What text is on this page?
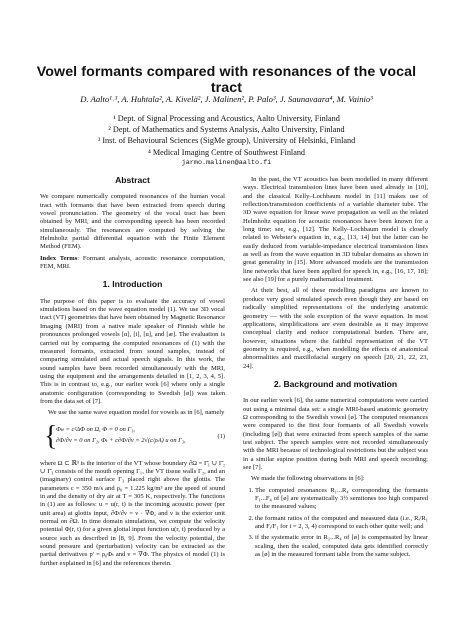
Vowel formants compared with resonances of the vocal tract
D. Aalto¹˒³, A. Huhtala², A. Kivelä², J. Malinen², P. Palo³, J. Saunavaara⁴, M. Vainio³
¹ Dept. of Signal Processing and Acoustics, Aalto University, Finland
² Dept. of Mathematics and Systems Analysis, Aalto University, Finland
³ Inst. of Behavioural Sciences (SigMe group), University of Helsinki, Finland
⁴ Medical Imaging Centre of Southwest Finland
jarmo.malinen@aalto.fi
Abstract

We compare numerically computed resonances of the human vocal tract with formants that have been extracted from speech during vowel pronunciation. The geometry of the vocal tract has been obtained by MRI, and the corresponding speech has been recorded simultaneously. The resonances are computed by solving the Helmholtz partial differential equation with the Finite Element Method (FEM).

Index Terms: Formant analysis, acoustic resonance computation, FEM, MRI.

1. Introduction

The purpose of this paper is to evaluate the accuracy of vowel simulations based on the wave equation model (1). We use 3D vocal tract (VT) geometries that have been obtained by Magnetic Resonance Imaging (MRI) from a native male speaker of Finnish while he pronounces prolonged vowels [ɑ], [i], [u], and [æ]. The evaluation is carried out by comparing the computed resonances of (1) with the measured formants, extracted from sound samples, instead of comparing simulated and actual speech signals. In this work, the sound samples have been recorded simultaneously with the MRI, using the equipment and the arrangements detailed in [1, 2, 3, 4, 5]. This is in contrast to, e.g., our earlier work [6] where only a single anatomic configuration (corresponding to Swedish [ø]) was taken from the data set of [7].

We use the same wave equation model for vowels as in [6], namely

{
Φₜₜ = c²ΔΦ on Ω, Φ = 0 on Γ₁,
∂Φ/∂ν = 0 on Γ₂, Φₜ + c∂Φ/∂ν = 2√(c/ρA) u on Γ₃,
(1)

where Ω ⊂ ℝ³ is the interior of the VT whose boundary ∂Ω = Γ̄₁ ∪ Γ̄₂ ∪ Γ̄₃ consists of the mouth opening Γ₁, the VT tissue walls Γ₂, and an (imaginary) control surface Γ₃ placed right above the glottis. The parameters c = 350 m/s and ρ₀ = 1.225 kg/m³ are the speed of sound in and the density of dry air at T = 305 K, respectively. The functions in (1) are as follows: u = u(r, t) is the incoming acoustic power (per unit area) at glottis input, ∂Φ/∂ν = ν · ∇Φ, and ν is the exterior unit normal on ∂Ω. In time domain simulations, we compute the velocity potential Φ(r, t) for a given glottal input function u(r, t) produced by a source such as described in [8, 9]. From the velocity potential, the sound pressure and (perturbation) velocity can be extracted as the partial derivatives p′ = ρ₀Φₜ and v = ∇Φ. The physics of model (1) is further explained in [6] and the references therein.

In the past, the VT acoustics has been modelled in many different ways. Electrical transmission lines have been used already in [10], and the classical Kelly–Lochbaum model in [11] makes use of reflection/transmission coefficients of a variable diameter tube. The 3D wave equation for linear wave propagation as well as the related Helmholtz equation for acoustic resonances have been known for a long time; see, e.g., [12]. The Kelly–Lochbaum model is closely related to Webster's equation in, e.g., [13, 14] but the latter can be easily deduced from variable-impedance electrical transmission lines as well as from the wave equation in 3D tubular domains as shown in great generality in [15]. More advanced models are the transmission line networks that have been applied for speech in, e.g., [16, 17, 18]; see also [19] for a purely mathematical treatment.

At their best, all of these modelling paradigms are known to produce very good simulated speech even though they are based on radically simplified representations of the underlying anatomic geometry — with the sole exception of the wave equation. In most applications, simplifications are even desirable as it may improve conceptual clarity and reduce computational burden. There are, however, situations where the faithful representation of the VT geometry is required, e.g., when modelling the effects of anatomical abnormalities and maxillofacial surgery on speech [20, 21, 22, 23, 24].

2. Background and motivation

In our earlier work [6], the same numerical computations were carried out using a minimal data set: a single MRI-based anatomic geometry Ω corresponding to the Swedish vowel [ø]. The computed resonances were compared to the first four formants of all Swedish vowels (including [ø]) that were extracted from speech samples of the same test subject. The speech samples were not recorded simultaneously with the MRI because of technological restrictions but the subject was in a similar supine position during both MRI and speech recording; see [7].

We made the following observations in [6]:

1. The computed resonances R₁...R₄ corresponding the formants F₁...F₄ of [ø] are systematically 3½ semitones too high compared to the measured values;
2. the formant ratios of the computed and measured data (i.e., Rᵢ/R₁ and Fᵢ/F₁ for i = 2, 3, 4) correspond to each other quite well; and
3. if the systematic error in R₁...R₄ of [ø] is compensated by linear scaling, then the scaled, computed data gets identified correctly as [ø] in the measured formant table from the same subject.
